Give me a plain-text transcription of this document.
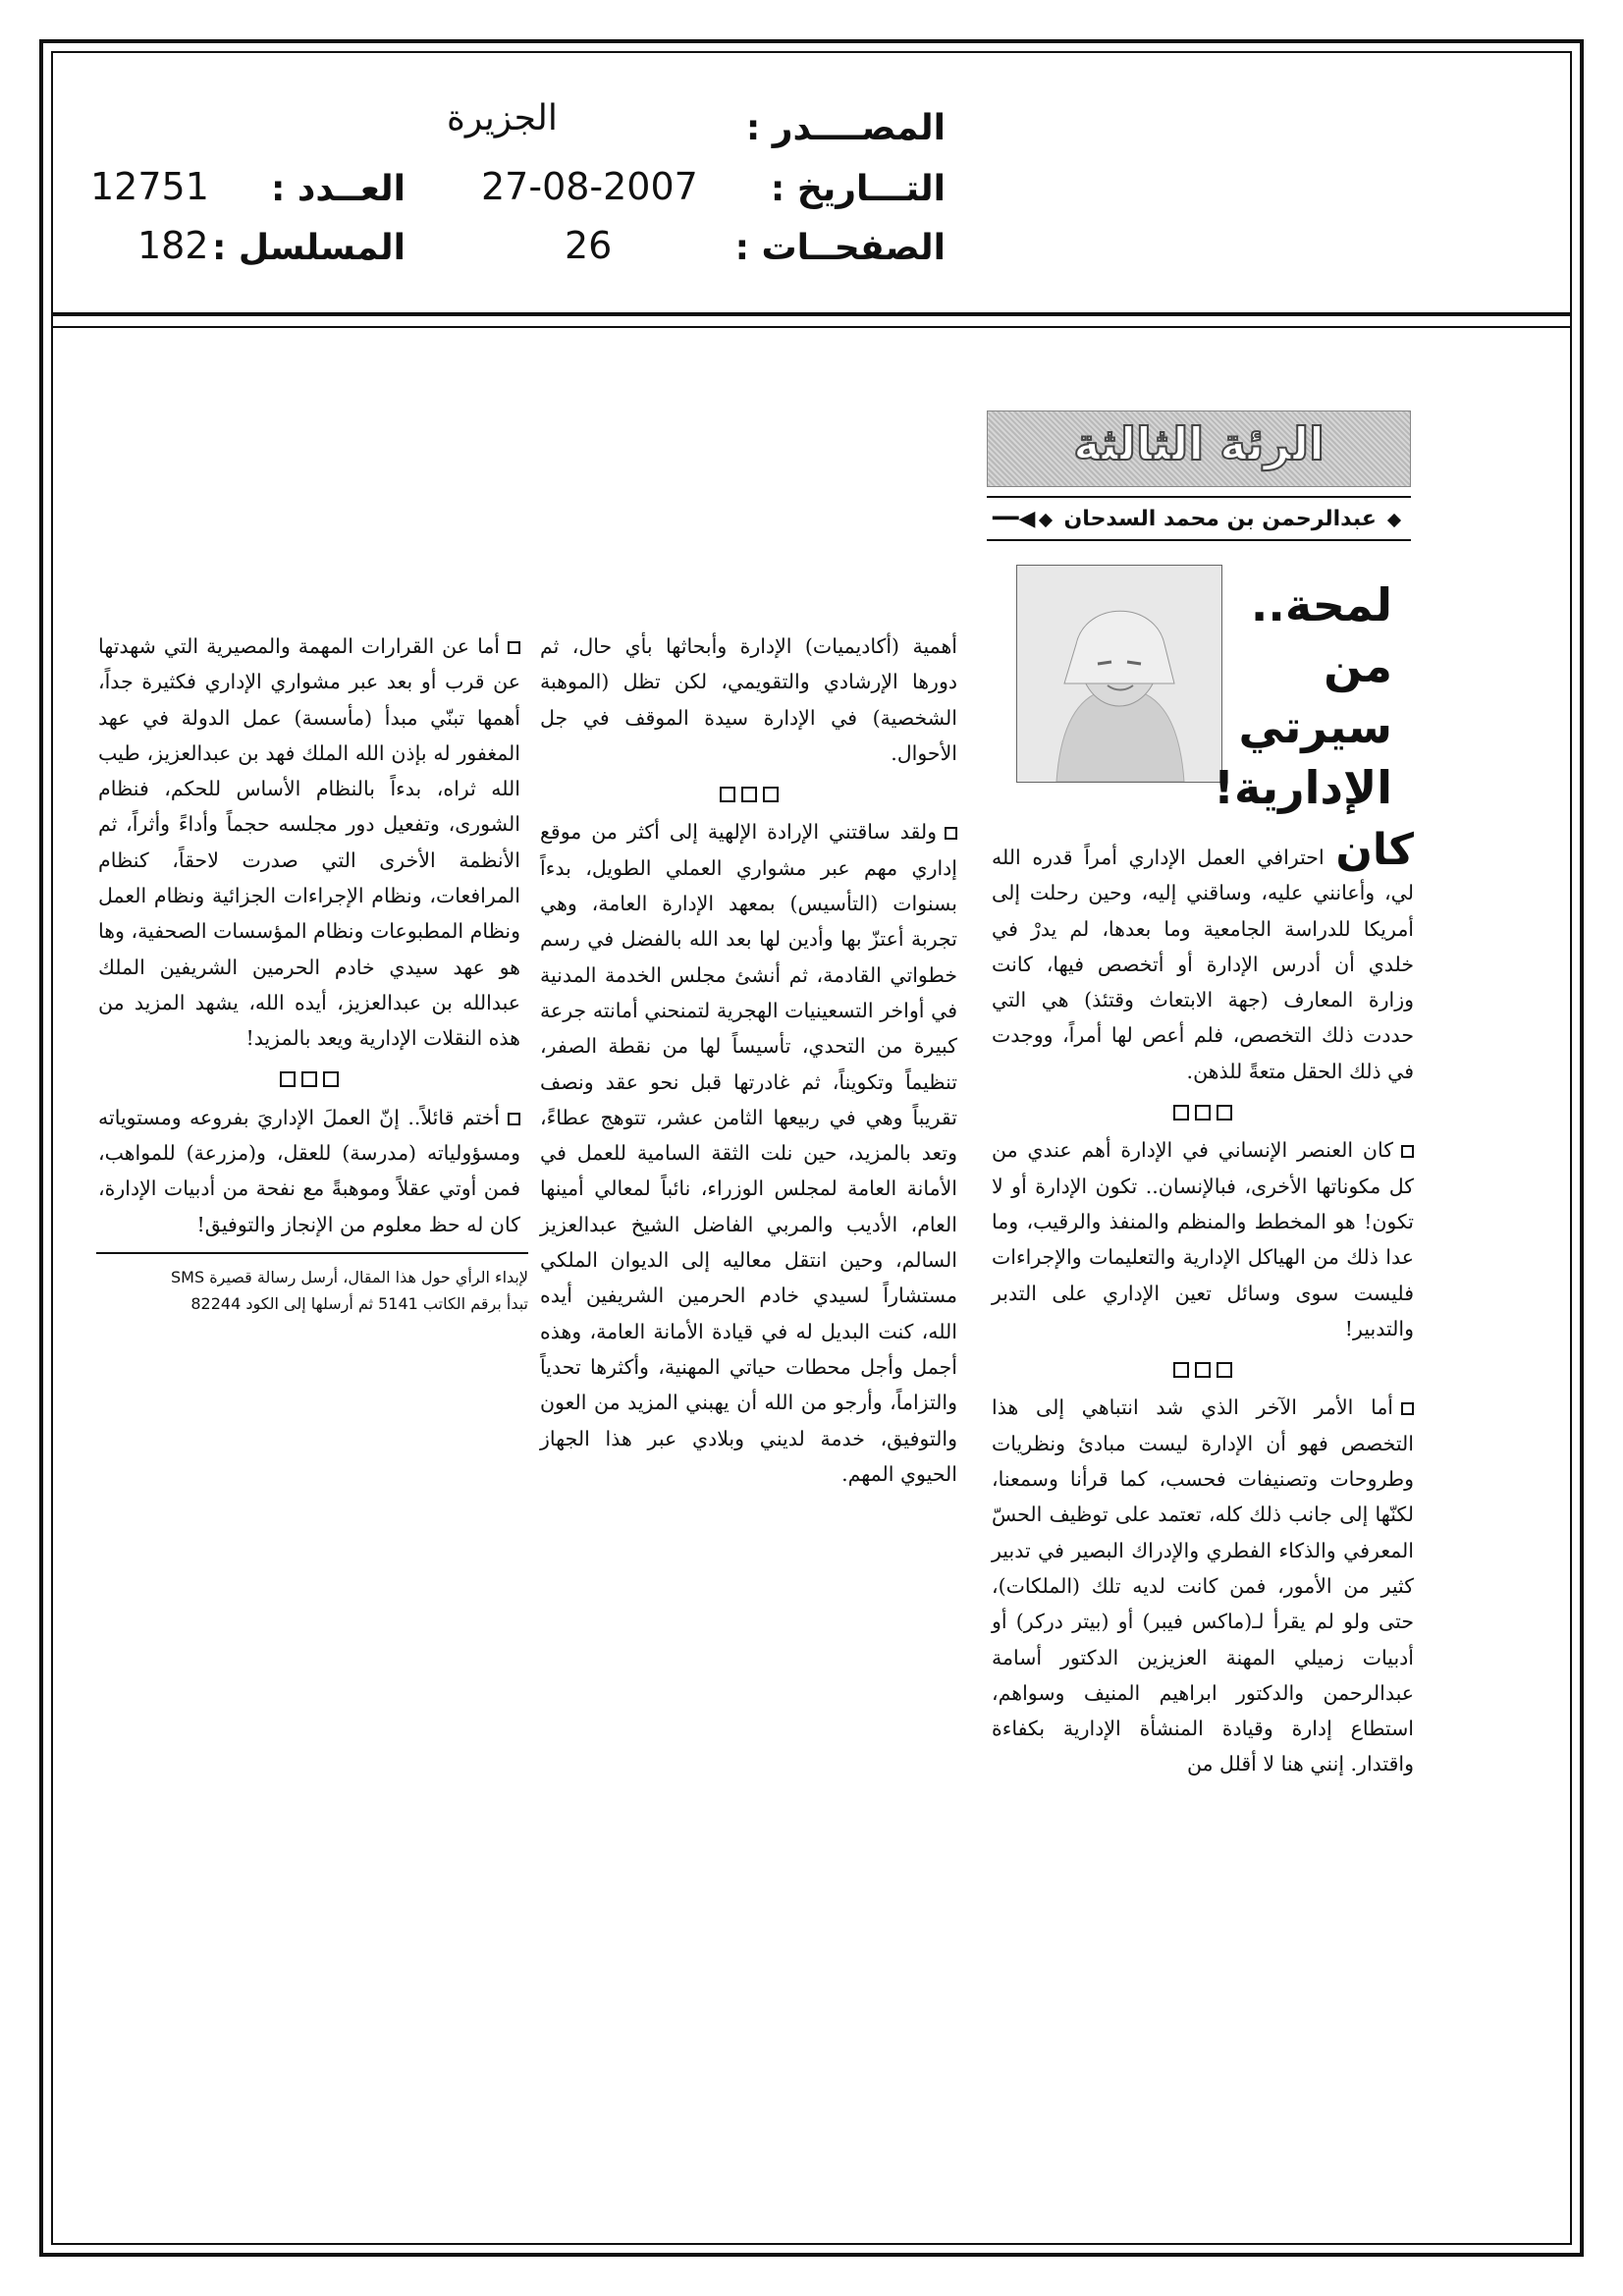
المصــــدر :
الجزيرة
التـــاريخ :
27-08-2007
العــدد :
12751
الصفحــات :
26
المسلسل :
182
الرئة الثالثة
عبدالرحمن بن محمد السدحان
◀━━
لمحة.. من سيرتي
الإدارية!

كان احترافي العمل الإداري أمراً قدره الله لي، وأعانني عليه، وساقني إليه، وحين رحلت إلى أمريكا للدراسة الجامعية وما بعدها، لم يدرْ في خلدي أن أدرس الإدارة أو أتخصص فيها، كانت وزارة المعارف (جهة الابتعاث وقتئذ) هي التي حددت ذلك التخصص، فلم أعص لها أمراً، ووجدت في ذلك الحقل متعةً للذهن.

كان العنصر الإنساني في الإدارة أهم عندي من كل مكوناتها الأخرى، فبالإنسان.. تكون الإدارة أو لا تكون! هو المخطط والمنظم والمنفذ والرقيب، وما عدا ذلك من الهياكل الإدارية والتعليمات والإجراءات فليست سوى وسائل تعين الإداري على التدبر والتدبير!

أما الأمر الآخر الذي شد انتباهي إلى هذا التخصص فهو أن الإدارة ليست مبادئ ونظريات وطروحات وتصنيفات فحسب، كما قرأنا وسمعنا، لكنّها إلى جانب ذلك كله، تعتمد على توظيف الحسّ المعرفي والذكاء الفطري والإدراك البصير في تدبير كثير من الأمور، فمن كانت لديه تلك (الملكات)، حتى ولو لم يقرأ لـ(ماكس فيبر) أو (بيتر دركر) أو أدبيات زميلي المهنة العزيزين الدكتور أسامة عبدالرحمن والدكتور ابراهيم المنيف وسواهم، استطاع إدارة وقيادة المنشأة الإدارية بكفاءة واقتدار. إنني هنا لا أقلل من

أهمية (أكاديميات) الإدارة وأبحاثها بأي حال، ثم دورها الإرشادي والتقويمي، لكن تظل (الموهبة الشخصية) في الإدارة سيدة الموقف في جل الأحوال.

ولقد ساقتني الإرادة الإلهية إلى أكثر من موقع إداري مهم عبر مشواري العملي الطويل، بدءاً بسنوات (التأسيس) بمعهد الإدارة العامة، وهي تجربة أعتزّ بها وأدين لها بعد الله بالفضل في رسم خطواتي القادمة، ثم أنشئ مجلس الخدمة المدنية في أواخر التسعينيات الهجرية لتمنحني أمانته جرعة كبيرة من التحدي، تأسيساً لها من نقطة الصفر، تنظيماً وتكويناً، ثم غادرتها قبل نحو عقد ونصف تقريباً وهي في ربيعها الثامن عشر، تتوهج عطاءً، وتعد بالمزيد، حين نلت الثقة السامية للعمل في الأمانة العامة لمجلس الوزراء، نائباً لمعالي أمينها العام، الأديب والمربي الفاضل الشيخ عبدالعزيز السالم، وحين انتقل معاليه إلى الديوان الملكي مستشاراً لسيدي خادم الحرمين الشريفين أيده الله، كنت البديل له في قيادة الأمانة العامة، وهذه أجمل وأجل محطات حياتي المهنية، وأكثرها تحدياً والتزاماً، وأرجو من الله أن يهبني المزيد من العون والتوفيق، خدمة لديني وبلادي عبر هذا الجهاز الحيوي المهم.

أما عن القرارات المهمة والمصيرية التي شهدتها عن قرب أو بعد عبر مشواري الإداري فكثيرة جداً، أهمها تبنّي مبدأ (مأسسة) عمل الدولة في عهد المغفور له بإذن الله الملك فهد بن عبدالعزيز، طيب الله ثراه، بدءاً بالنظام الأساس للحكم، فنظام الشورى، وتفعيل دور مجلسه حجماً وأداءً وأثراً، ثم الأنظمة الأخرى التي صدرت لاحقاً، كنظام المرافعات، ونظام الإجراءات الجزائية ونظام العمل ونظام المطبوعات ونظام المؤسسات الصحفية، وها هو عهد سيدي خادم الحرمين الشريفين الملك عبدالله بن عبدالعزيز، أيده الله، يشهد المزيد من هذه النقلات الإدارية ويعد بالمزيد!

أختم قائلاً.. إنّ العملَ الإداريَ بفروعه ومستوياته ومسؤولياته (مدرسة) للعقل، و(مزرعة) للمواهب، فمن أوتي عقلاً وموهبةً مع نفحة من أدبيات الإدارة، كان له حظ معلوم من الإنجاز والتوفيق!

لإبداء الرأي حول هذا المقال، أرسل رسالة قصيرة SMS
تبدأ برقم الكاتب 5141 ثم أرسلها إلى الكود 82244
